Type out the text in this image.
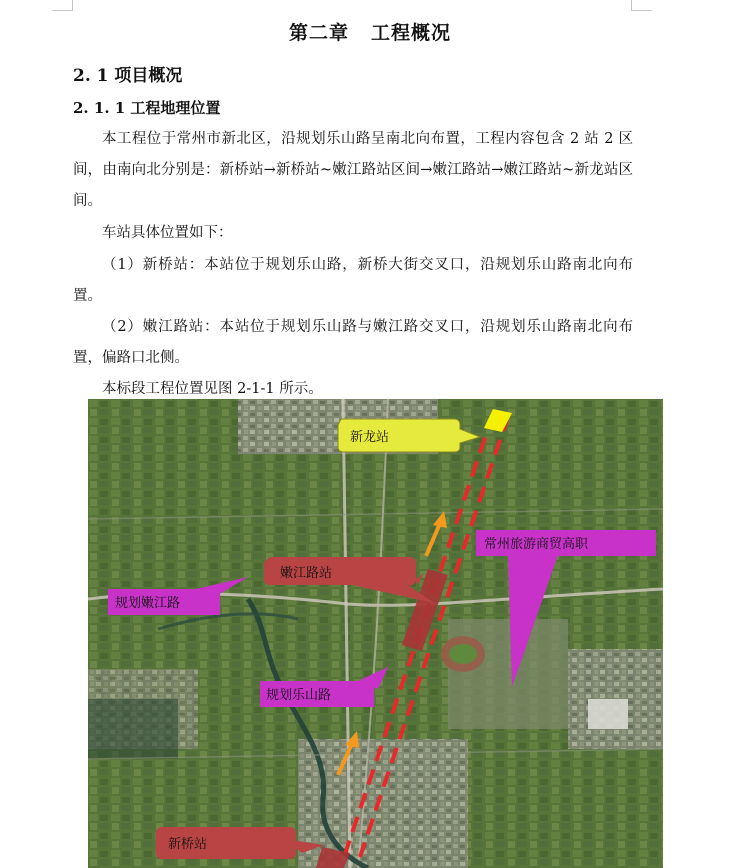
第二章 工程概况
2. 1 项目概况
2. 1. 1 工程地理位置
本工程位于常州市新北区，沿规划乐山路呈南北向布置，工程内容包含 2 站 2 区间，由南向北分别是：新桥站→新桥站~嫩江路站区间→嫩江路站→嫩江路站~新龙站区间。
车站具体位置如下：
（1）新桥站：本站位于规划乐山路，新桥大街交叉口，沿规划乐山路南北向布置。
（2）嫩江路站：本站位于规划乐山路与嫩江路交叉口，沿规划乐山路南北向布置，偏路口北侧。
本标段工程位置见图 2-1-1 所示。
新龙站
嫩江路站
规划嫩江路
常州旅游商贸高职
规划乐山路
新桥站
